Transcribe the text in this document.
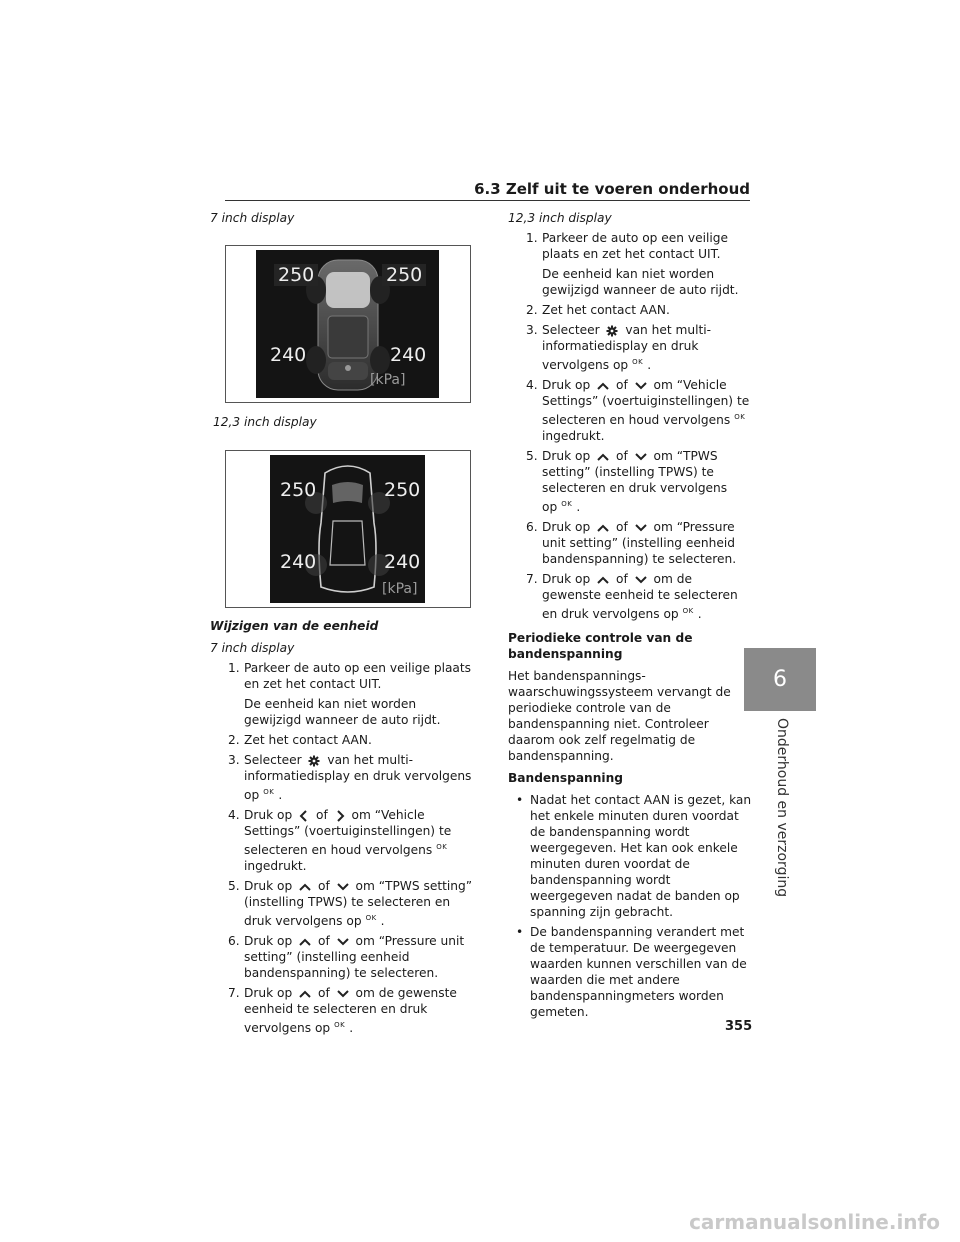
6.3 Zelf uit te voeren onderhoud
6
Onderhoud en verzorging
7 inch display
250	250
240	240
[kPa]
12,3 inch display
250	250
240	240
[kPa]
Wijzigen van de eenheid
7 inch display
1. Parkeer de auto op een veilige plaats en zet het contact UIT.

De eenheid kan niet worden gewijzigd wanneer de auto rijdt.

2. Zet het contact AAN.
3. Selecteer van het multi-informatiedisplay en druk vervolgens op $^{OK}$ .
4. Druk op of om “Vehicle Settings” (voertuiginstellingen) te selecteren en houd vervolgens $^{OK}$ ingedrukt.
5. Druk op of om “TPWS setting” (instelling TPWS) te selecteren en druk vervolgens op $^{OK}$ .
6. Druk op of om “Pressure unit setting” (instelling eenheid bandenspanning) te selecteren.
7. Druk op of om de gewenste eenheid te selecteren en druk vervolgens op $^{OK}$ .
12,3 inch display
1. Parkeer de auto op een veilige plaats en zet het contact UIT.

De eenheid kan niet worden gewijzigd wanneer de auto rijdt.

2. Zet het contact AAN.
3. Selecteer van het multi-informatiedisplay en druk vervolgens op $^{OK}$ .
4. Druk op of om “Vehicle Settings” (voertuiginstellingen) te selecteren en houd vervolgens $^{OK}$ ingedrukt.
5. Druk op of om “TPWS setting” (instelling TPWS) te selecteren en druk vervolgens op $^{OK}$ .
6. Druk op of om “Pressure unit setting” (instelling eenheid bandenspanning) te selecteren.
7. Druk op of om de gewenste eenheid te selecteren en druk vervolgens op $^{OK}$ .
Periodieke controle van de bandenspanning
Het bandenspannings-waarschuwingssysteem vervangt de periodieke controle van de bandenspanning niet. Controleer daarom ook zelf regelmatig de bandenspanning.
Bandenspanning
• Nadat het contact AAN is gezet, kan het enkele minuten duren voordat de bandenspanning wordt weergegeven. Het kan ook enkele minuten duren voordat de bandenspanning wordt weergegeven nadat de banden op spanning zijn gebracht.
• De bandenspanning verandert met de temperatuur. De weergegeven waarden kunnen verschillen van de waarden die met andere bandenspanningmeters worden gemeten.
355
carmanualsonline.info
